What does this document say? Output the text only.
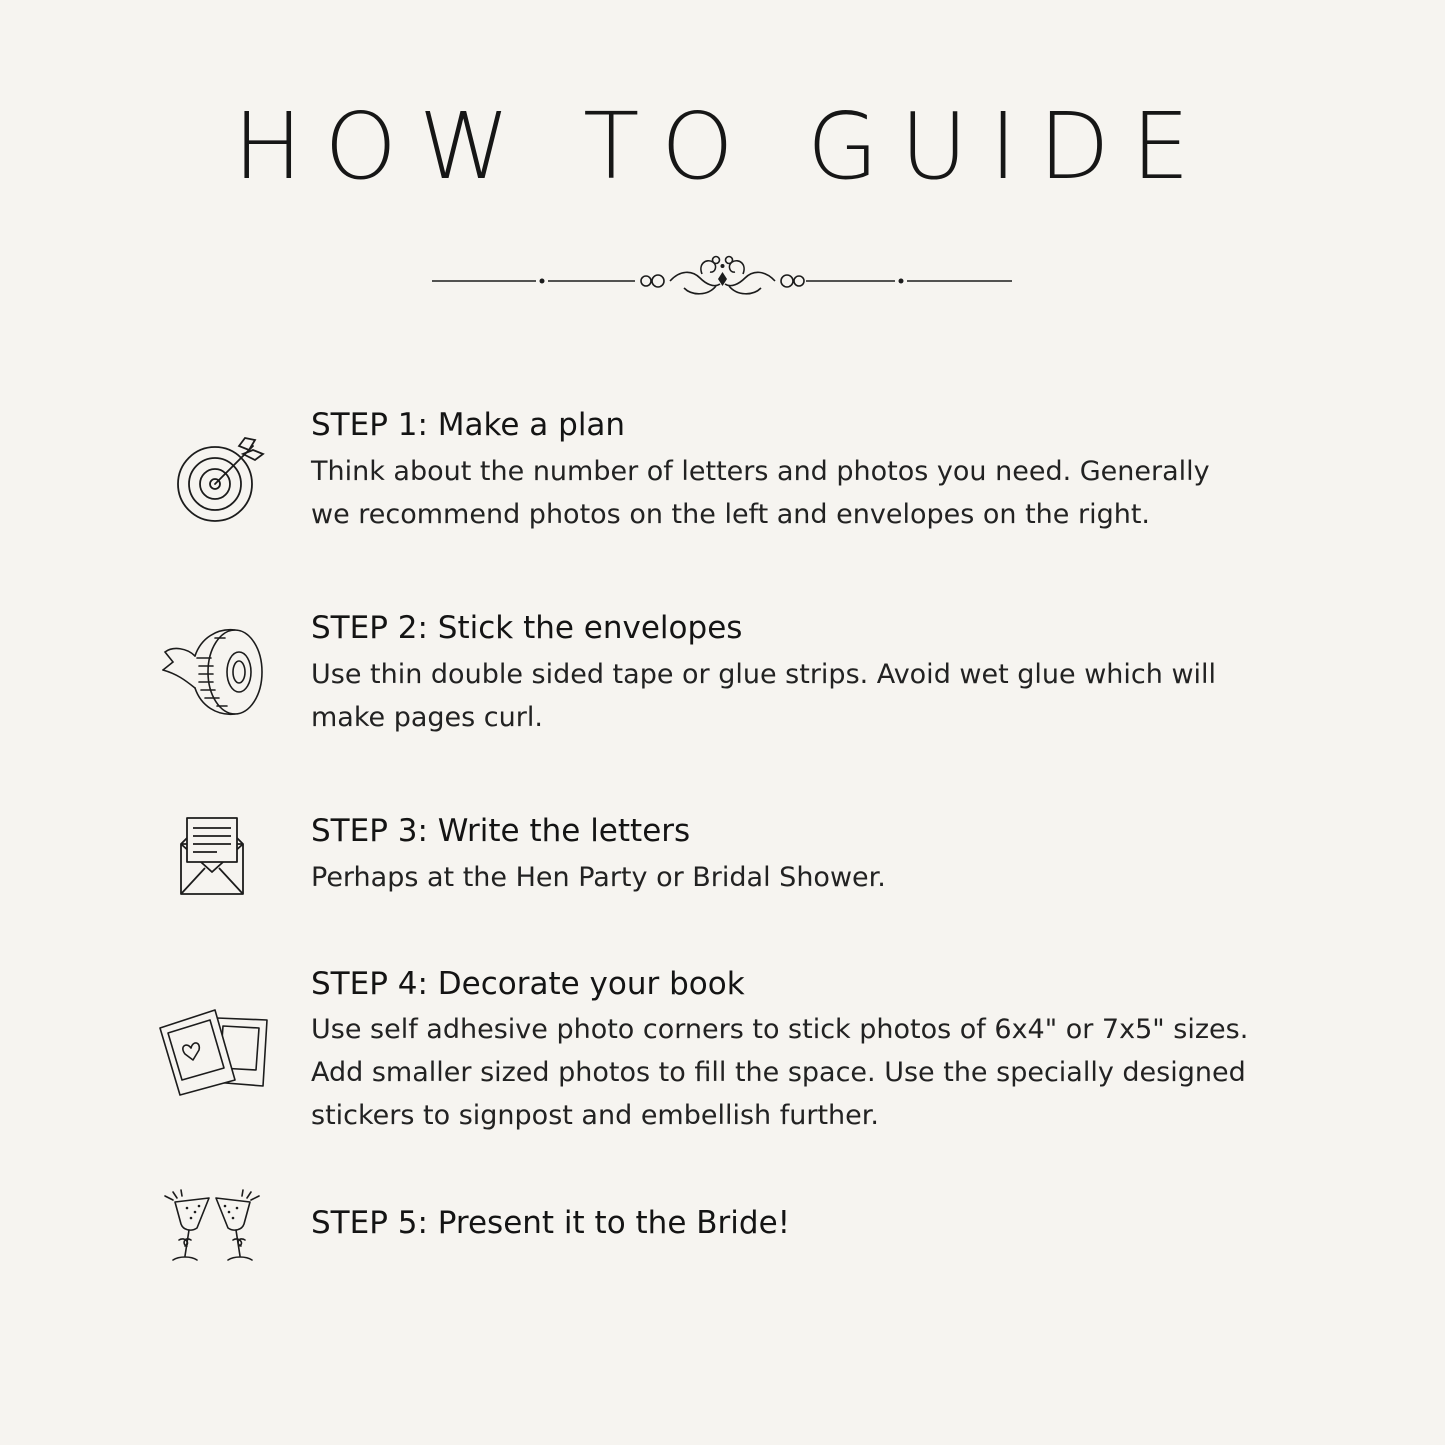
HOW TO GUIDE
STEP 1: Make a plan
Think about the number of letters and photos you need. Generally
we recommend photos on the left and envelopes on the right.
STEP 2: Stick the envelopes
Use thin double sided tape or glue strips. Avoid wet glue which will
make pages curl.
STEP 3: Write the letters
Perhaps at the Hen Party or Bridal Shower.
STEP 4: Decorate your book
Use self adhesive photo corners to stick photos of 6x4" or 7x5" sizes.
Add smaller sized photos to fill the space. Use the specially designed
stickers to signpost and embellish further.
STEP 5: Present it to the Bride!
